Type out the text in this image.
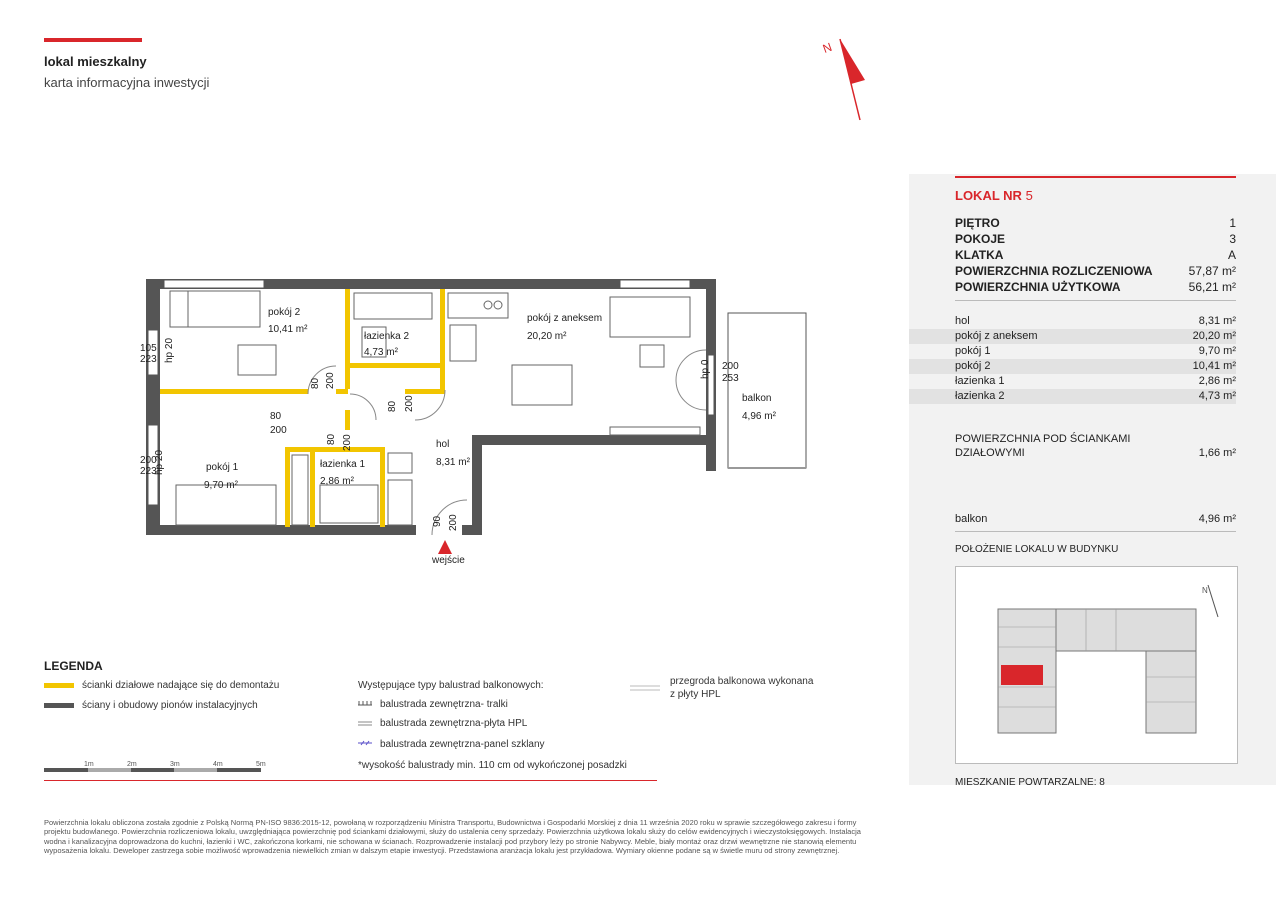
lokal mieszkalny
karta informacyjna inwestycji
N
wejście
pokój 2
10,41 m²
łazienka 2
4,73 m²
pokój z aneksem
20,20 m²
pokój 1
9,70 m²
łazienka 1
2,86 m²
hol
8,31 m²
balkon
4,96 m²
105
223 hp 20
200
223
hp 20
80 200
80
200
80 200
80 200
90 200
hp 0 200
253
LOKAL NR 5
PIĘTRO	1
POKOJE	3
KLATKA	A
POWIERZCHNIA ROZLICZENIOWA	57,87 m²
POWIERZCHNIA UŻYTKOWA	56,21 m²
hol	8,31 m²
pokój z aneksem	20,20 m²
pokój 1	9,70 m²
pokój 2	10,41 m²
łazienka 1	2,86 m²
łazienka 2	4,73 m²
POWIERZCHNIA POD ŚCIANKAMI
DZIAŁOWYMI	1,66 m²
balkon	4,96 m²
POŁOŻENIE LOKALU W BUDYNKU
N
MIESZKANIE POWTARZALNE: 8
LEGENDA
ścianki działowe nadające się do demontażu
ściany i obudowy pionów instalacyjnych
Występujące typy balustrad balkonowych:
balustrada zewnętrzna- tralki
balustrada zewnętrzna-płyta HPL
balustrada zewnętrzna-panel szklany
*wysokość balustrady min. 110 cm od wykończonej posadzki
przegroda balkonowa wykonana
z płyty HPL
1m	2m	3m	4m	5m
Powierzchnia lokalu obliczona została zgodnie z Polską Normą PN-ISO 9836:2015-12, powołaną w rozporządzeniu Ministra Transportu, Budownictwa i Gospodarki Morskiej z dnia 11 września 2020 roku w sprawie szczegółowego zakresu i formy projektu budowlanego. Powierzchnia rozliczeniowa lokalu, uwzględniająca powierzchnię pod ściankami działowymi, służy do ustalenia ceny sprzedaży. Powierzchnia użytkowa lokalu służy do celów ewidencyjnych i wieczystoksięgowych. Instalacja wodna i kanalizacyjna doprowadzona do kuchni, łazienki i WC, zakończona korkami, nie schowana w ścianach. Rozprowadzenie instalacji pod przybory leży po stronie Nabywcy. Meble, biały montaż oraz drzwi wewnętrzne nie stanowią elementu wyposażenia lokalu. Deweloper zastrzega sobie możliwość wprowadzenia niewielkich zmian w dalszym etapie inwestycji. Przedstawiona aranżacja lokalu jest przykładowa. Wymiary okienne podane są w świetle muru od strony zewnętrznej.
